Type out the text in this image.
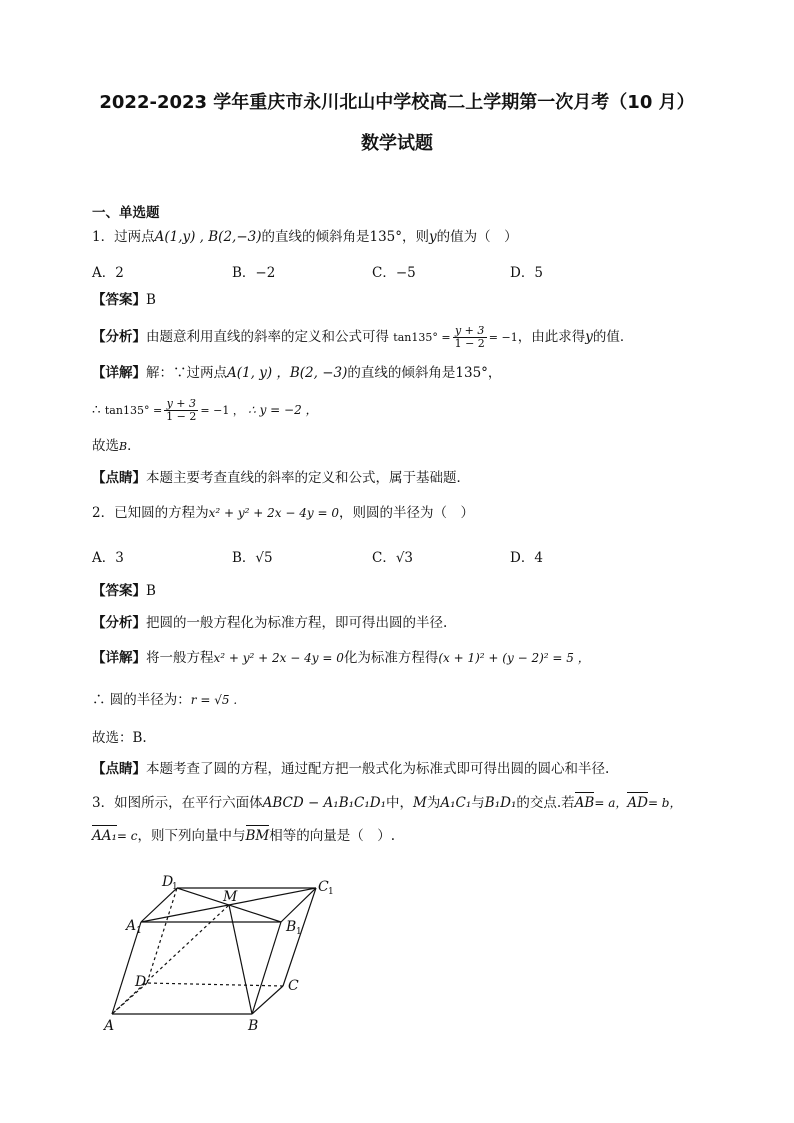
2022-2023 学年重庆市永川北山中学校高二上学期第一次月考（10 月）
数学试题
一、单选题
1．过两点A(1,y) , B(2,−3)的直线的倾斜角是135°，则y的值为（　）
A．2	B．−2	C．−5	D．5
【答案】B
【分析】由题意利用直线的斜率的定义和公式可得 $\tan 135^\circ = \frac{y + 3}{1 - 2} = -1$，由此求得y的值．
【详解】解：∵过两点A(1, y) ，B(2, −3)的直线的倾斜角是135°，
∴ $\tan 135^\circ = \frac{y + 3}{1 - 2} = -1$ ， ∴ y = −2 ，
故选B．
【点睛】本题主要考查直线的斜率的定义和公式，属于基础题．
2．已知圆的方程为x² + y² + 2x − 4y = 0，则圆的半径为（　）
A．3	B．√5	C．√3	D．4
【答案】B
【分析】把圆的一般方程化为标准方程，即可得出圆的半径.
【详解】将一般方程x² + y² + 2x − 4y = 0化为标准方程得(x + 1)² + (y − 2)² = 5 ，
∴ 圆的半径为：r = √5 .
故选：B.
【点睛】本题考查了圆的方程，通过配方把一般式化为标准式即可得出圆的圆心和半径.
3．如图所示，在平行六面体ABCD − A₁B₁C₁D₁中，M为A₁C₁与B₁D₁的交点.若AB= a，AD= b，
AA₁= c，则下列向量中与BM相等的向量是（　）.
A	B
C
D
A 1	B 1
C 1
D
1
M
